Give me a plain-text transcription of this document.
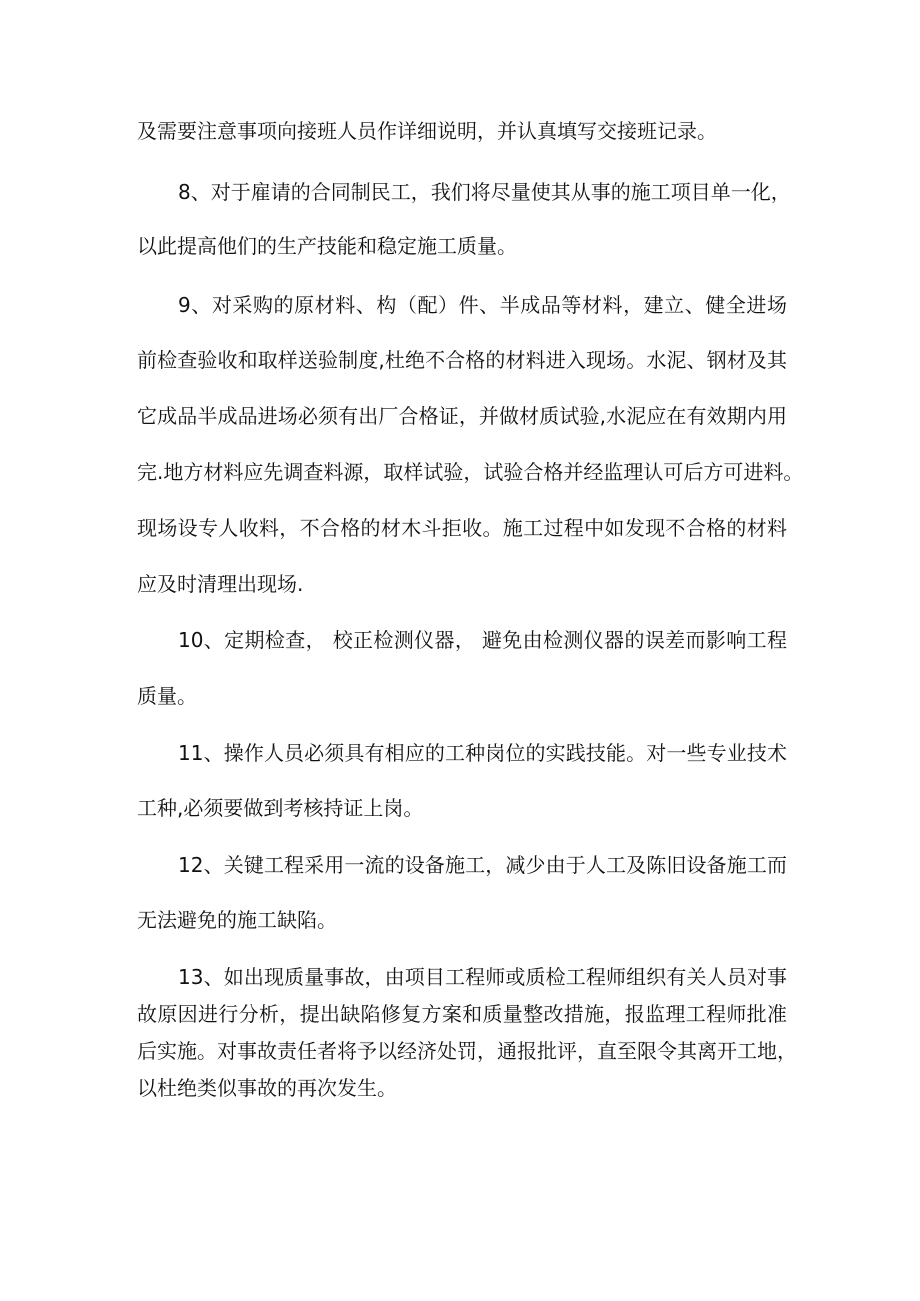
及需要注意事项向接班人员作详细说明，并认真填写交接班记录。
8、对于雇请的合同制民工，我们将尽量使其从事的施工项目单一化，
以此提高他们的生产技能和稳定施工质量。
9、对采购的原材料、构（配）件、半成品等材料，建立、健全进场
前检查验收和取样送验制度,杜绝不合格的材料进入现场。水泥、钢材及其
它成品半成品进场必须有出厂合格证，并做材质试验,水泥应在有效期内用
完.地方材料应先调查料源，取样试验，试验合格并经监理认可后方可进料。
现场设专人收料，不合格的材木斗拒收。施工过程中如发现不合格的材料
应及时清理出现场.
10、定期检查， 校正检测仪器， 避免由检测仪器的误差而影响工程
质量。
11、操作人员必须具有相应的工种岗位的实践技能。对一些专业技术
工种,必须要做到考核持证上岗。
12、关键工程采用一流的设备施工，减少由于人工及陈旧设备施工而
无法避免的施工缺陷。
13、如出现质量事故，由项目工程师或质检工程师组织有关人员对事
故原因进行分析，提出缺陷修复方案和质量整改措施，报监理工程师批准
后实施。对事故责任者将予以经济处罚，通报批评，直至限令其离开工地，
以杜绝类似事故的再次发生。
